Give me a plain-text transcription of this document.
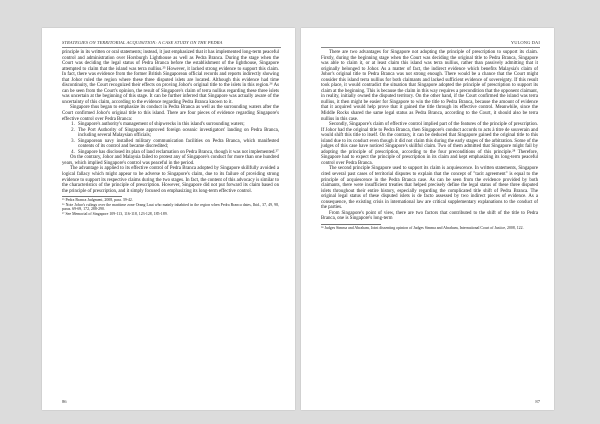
STRATEGIES ON TERRITORIAL ACQUISITION: A CASE STUDY ON THE PEDRA

principle in its written or oral statements; instead, it just emphasized that it has implemented long-term peaceful control and administration over Horsburgh Lighthouse as well as Pedra Branca. During the stage when the Court was deciding the legal status of Pedra Branca before the establishment of the lighthouse, Singapore attempted to claim that the island was terra nullius.²⁵ However, it lacked strong evidence to support this claim. In fact, there was evidence from the former British Singaporean official records and reports indirectly showing that Johor ruled the region where these three disputed islets are located. Although this evidence had time discontinuity, the Court recognized their effects on proving Johor's original title to the islets in this region.²⁶ As can be seen from the Court's opinion, the result of Singapore's claim of terra nullius regarding these three islets was uncertain at the beginning of this stage. It can be further inferred that Singapore was actually aware of the uncertainty of this claim, according to the evidence regarding Pedra Branca known to it.

Singapore thus began to emphasize its conduct in Pedra Branca as well as the surrounding waters after the Court confirmed Johor's original title to this island. There are four pieces of evidence regarding Singapore's effective control over Pedra Branca:

1. Singapore's authority's management of shipwrecks in this island's surrounding waters;
2. The Port Authority of Singapore approved foreign oceanic investigators' landing on Pedra Branca, including several Malaysian officials;
3. Singaporean navy installed military communication facilities on Pedra Branca, which manifested contents of its control and became discredited;
4. Singapore has disclosed its plan of land reclamation on Pedra Branca, though it was not implemented.²⁷

On the contrary, Johor and Malaysia failed to protest any of Singapore's conduct for more than one hundred years, which implied Singapore's control was peaceful in the period.

The advantage is applied to its effective control of Pedra Branca adopted by Singapore skillfully avoided a logical fallacy which might appear to be adverse to Singapore's claim, due to its failure of providing strong evidence to support its respective claims during the two stages. In fact, the content of this advocacy is similar to the characteristics of the principle of prescription. However, Singapore did not put forward its claim based on the principle of prescription, and it simply focused on emphasizing its long-term effective control.

²⁵ Pedra Branca Judgment, 2008, para. 39-42.
²⁶ Note Johor's rulings over the maritime zone Orang Laut who mainly inhabited in the region when Pedra Branca dates, Ibid., 37, 49, 98, paras. 69-69, 172, 288-290.
²⁷ See Memorial of Singapore 109-113, 116-118, 123-128, 185-189.
86
YULONG DAI

There are two advantages for Singapore not adopting the principle of prescription to support its claim. Firstly, during the beginning stage when the Court was deciding the original title to Pedra Branca, Singapore was able to claim it, or at least claim this island was terra nullius, rather than passively admitting that it originally belonged to Johor. As a matter of fact, the indirect evidence which benefits Malaysia's claim of Johor's original title to Pedra Branca was not strong enough. There would be a chance that the Court might consider this island terra nullius for both claimants and lacked sufficient evidence of sovereignty. If this result took place, it would contradict the situation that Singapore adopted the principle of prescription to support its claim at the beginning. This is because the claim in this way requires a precondition that the opponent claimant, in reality, initially owned the disputed territory. On the other hand, if the Court confirmed the island was terra nullius, it then might be easier for Singapore to win the title to Pedra Branca, because the amount of evidence that it acquired would help prove that it gained the title through its effective control. Meanwhile, since the Middle Rocks shared the same legal status as Pedra Branca, according to the Court, it should also be terra nullius in this case.

Secondly, Singapore's claim of effective control implied part of the features of the principle of prescription. If Johor had the original title to Pedra Branca, then Singapore's conduct accords to acts à titre de souverain and would shift this title to itself. On the contrary, it can be deduced that Singapore gained the original title to this island due to its conduct even though it did not claim this during the early stages of the arbitration. Some of the judges of this case have noticed Singapore's skillful claim. Two of them admitted that Singapore might fail by adopting the principle of prescription, according to the four preconditions of this principle.²⁸ Therefore, Singapore had to expect the principle of prescription in its claim and kept emphasizing its long-term peaceful control over Pedra Branca.

The second principle Singapore used to support its claim is acquiescence. In written statements, Singapore cited several past cases of territorial disputes to explain that the concept of "tacit agreement" is equal to the principle of acquiescence in the Pedra Branca case. As can be seen from the evidence provided by both claimants, there were insufficient treaties that helped precisely define the legal status of these three disputed islets throughout their entire history, especially regarding the complicated title shift of Pedra Branca. The original legal status of these disputed islets is de facto assessed by two indirect pieces of evidence. As a consequence, the existing crisis in international law are critical supplementary explanations to the conduct of the parties.

From Singapore's point of view, there are two factors that contributed to the shift of the title to Pedra Branca, one is Singapore's long-term

²⁸ Judges Simma and Abraham, Joint dissenting opinion of Judges Simma and Abraham, International Court of Justice, 2008, 122.
87
